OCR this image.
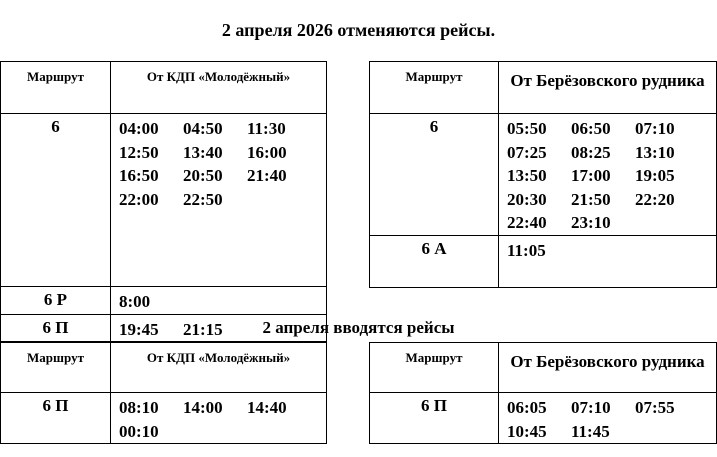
2 апреля 2026 отменяются рейсы.
Маршрут	От КДП «Молодёжный»
6	04:00 04:50 11:30
12:50 13:40 16:00
16:50 20:50 21:40
22:00 22:50

6 Р	8:00

6 П	19:45 21:15
Маршрут	От Берёзовского рудника
6	05:50 06:50 07:10
07:25 08:25 13:10
13:50 17:00 19:05
20:30 21:50 22:20
22:40 23:10

6 А	11:05
2 апреля вводятся рейсы
Маршрут	От КДП «Молодёжный»
6 П	08:10 14:00 14:40
00:10
Маршрут	От Берёзовского рудника
6 П	06:05 07:10 07:55
10:45 11:45
